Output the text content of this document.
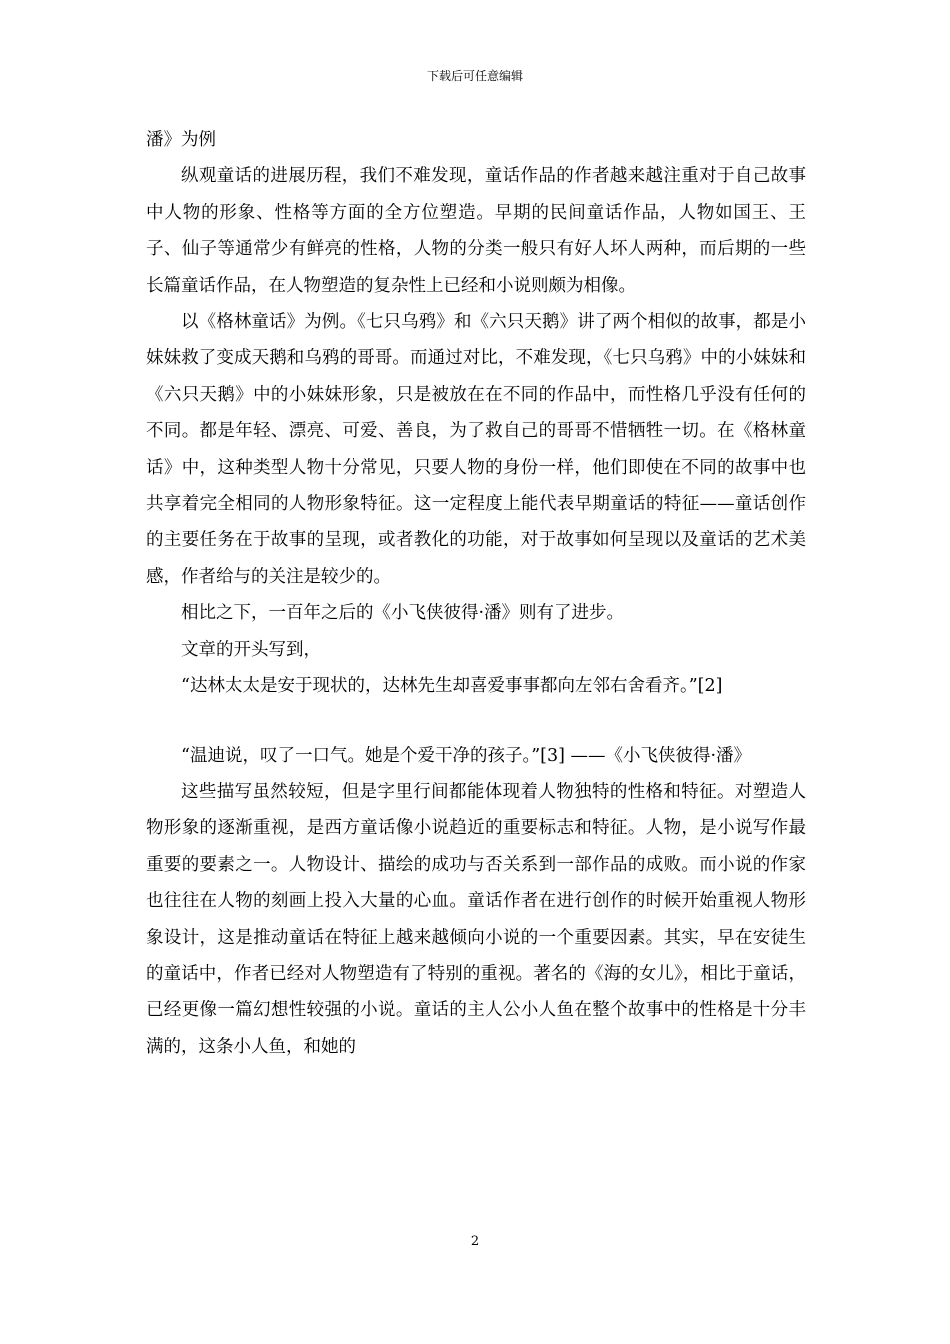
下载后可任意编辑

潘》为例

纵观童话的进展历程，我们不难发现，童话作品的作者越来越注重对于自己故事中人物的形象、性格等方面的全方位塑造。早期的民间童话作品，人物如国王、王子、仙子等通常少有鲜亮的性格，人物的分类一般只有好人坏人两种，而后期的一些长篇童话作品，在人物塑造的复杂性上已经和小说则颇为相像。

以《格林童话》为例。《七只乌鸦》和《六只天鹅》讲了两个相似的故事，都是小妹妹救了变成天鹅和乌鸦的哥哥。而通过对比，不难发现，《七只乌鸦》中的小妹妹和《六只天鹅》中的小妹妹形象，只是被放在在不同的作品中，而性格几乎没有任何的不同。都是年轻、漂亮、可爱、善良，为了救自己的哥哥不惜牺牲一切。在《格林童话》中，这种类型人物十分常见，只要人物的身份一样，他们即使在不同的故事中也共享着完全相同的人物形象特征。这一定程度上能代表早期童话的特征——童话创作的主要任务在于故事的呈现，或者教化的功能，对于故事如何呈现以及童话的艺术美感，作者给与的关注是较少的。

相比之下，一百年之后的《小飞侠彼得·潘》则有了进步。

文章的开头写到，

“达林太太是安于现状的，达林先生却喜爱事事都向左邻右舍看齐。”[2]

“温迪说，叹了一口气。她是个爱干净的孩子。”[3] ——《小飞侠彼得·潘》

这些描写虽然较短，但是字里行间都能体现着人物独特的性格和特征。对塑造人物形象的逐渐重视，是西方童话像小说趋近的重要标志和特征。人物，是小说写作最重要的要素之一。人物设计、描绘的成功与否关系到一部作品的成败。而小说的作家也往往在人物的刻画上投入大量的心血。童话作者在进行创作的时候开始重视人物形象设计，这是推动童话在特征上越来越倾向小说的一个重要因素。其实，早在安徒生的童话中，作者已经对人物塑造有了特别的重视。著名的《海的女儿》，相比于童话，已经更像一篇幻想性较强的小说。童话的主人公小人鱼在整个故事中的性格是十分丰满的，这条小人鱼，和她的

2
